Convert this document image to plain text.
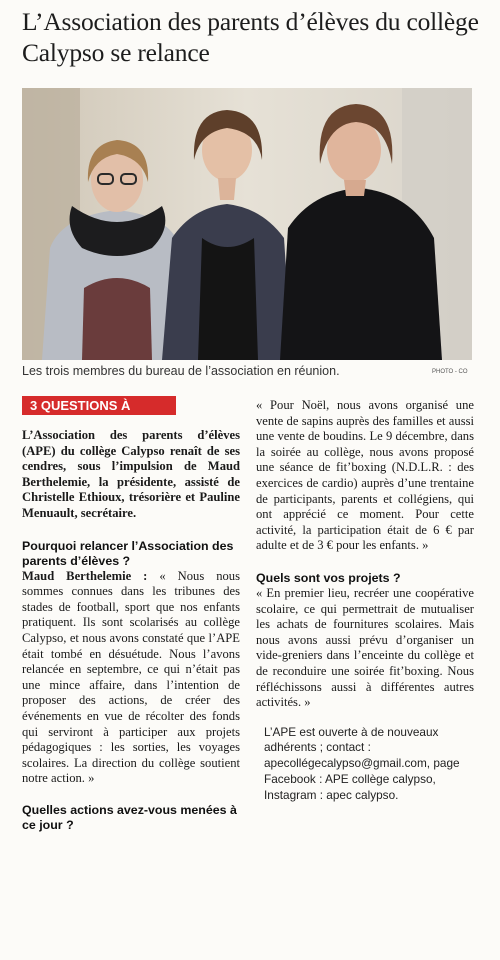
L’Association des parents d’élèves du collège Calypso se relance
Les trois membres du bureau de l’association en réunion.	PHOTO - CO
3 QUESTIONS À

L’Association des parents d’élèves (APE) du collège Calypso renaît de ses cendres, sous l’impulsion de Maud Berthelemie, la présidente, assisté de Christelle Ethioux, trésorière et Pauline Menuault, secrétaire.

Pourquoi relancer l’Association des parents d’élèves ?

Maud Berthelemie : « Nous nous sommes connues dans les tribunes des stades de football, sport que nos enfants pratiquent. Ils sont scolarisés au collège Calypso, et nous avons constaté que l’APE était tombé en désuétude. Nous l’avons relancée en septembre, ce qui n’était pas une mince affaire, dans l’intention de proposer des actions, de créer des événements en vue de récolter des fonds qui serviront à participer aux projets pédagogiques : les sorties, les voyages scolaires. La direction du collège soutient notre action. »

Quelles actions avez-vous menées à ce jour ?

« Pour Noël, nous avons organisé une vente de sapins auprès des familles et aussi une vente de boudins. Le 9 décembre, dans la soirée au collège, nous avons proposé une séance de fit’boxing (N.D.L.R. : des exercices de cardio) auprès d’une trentaine de participants, parents et collégiens, qui ont apprécié ce moment. Pour cette activité, la participation était de 6 € par adulte et de 3 € pour les enfants. »

Quels sont vos projets ?

« En premier lieu, recréer une coopérative scolaire, ce qui permettrait de mutualiser les achats de fournitures scolaires. Mais nous avons aussi prévu d’organiser un vide-greniers dans l’enceinte du collège et de reconduire une soirée fit’boxing. Nous réfléchissons aussi à différentes autres activités. »

L’APE est ouverte à de nouveaux adhérents ; contact : apecollégecalypso@gmail.com, page Facebook : APE collège calypso, Instagram : apec calypso.
